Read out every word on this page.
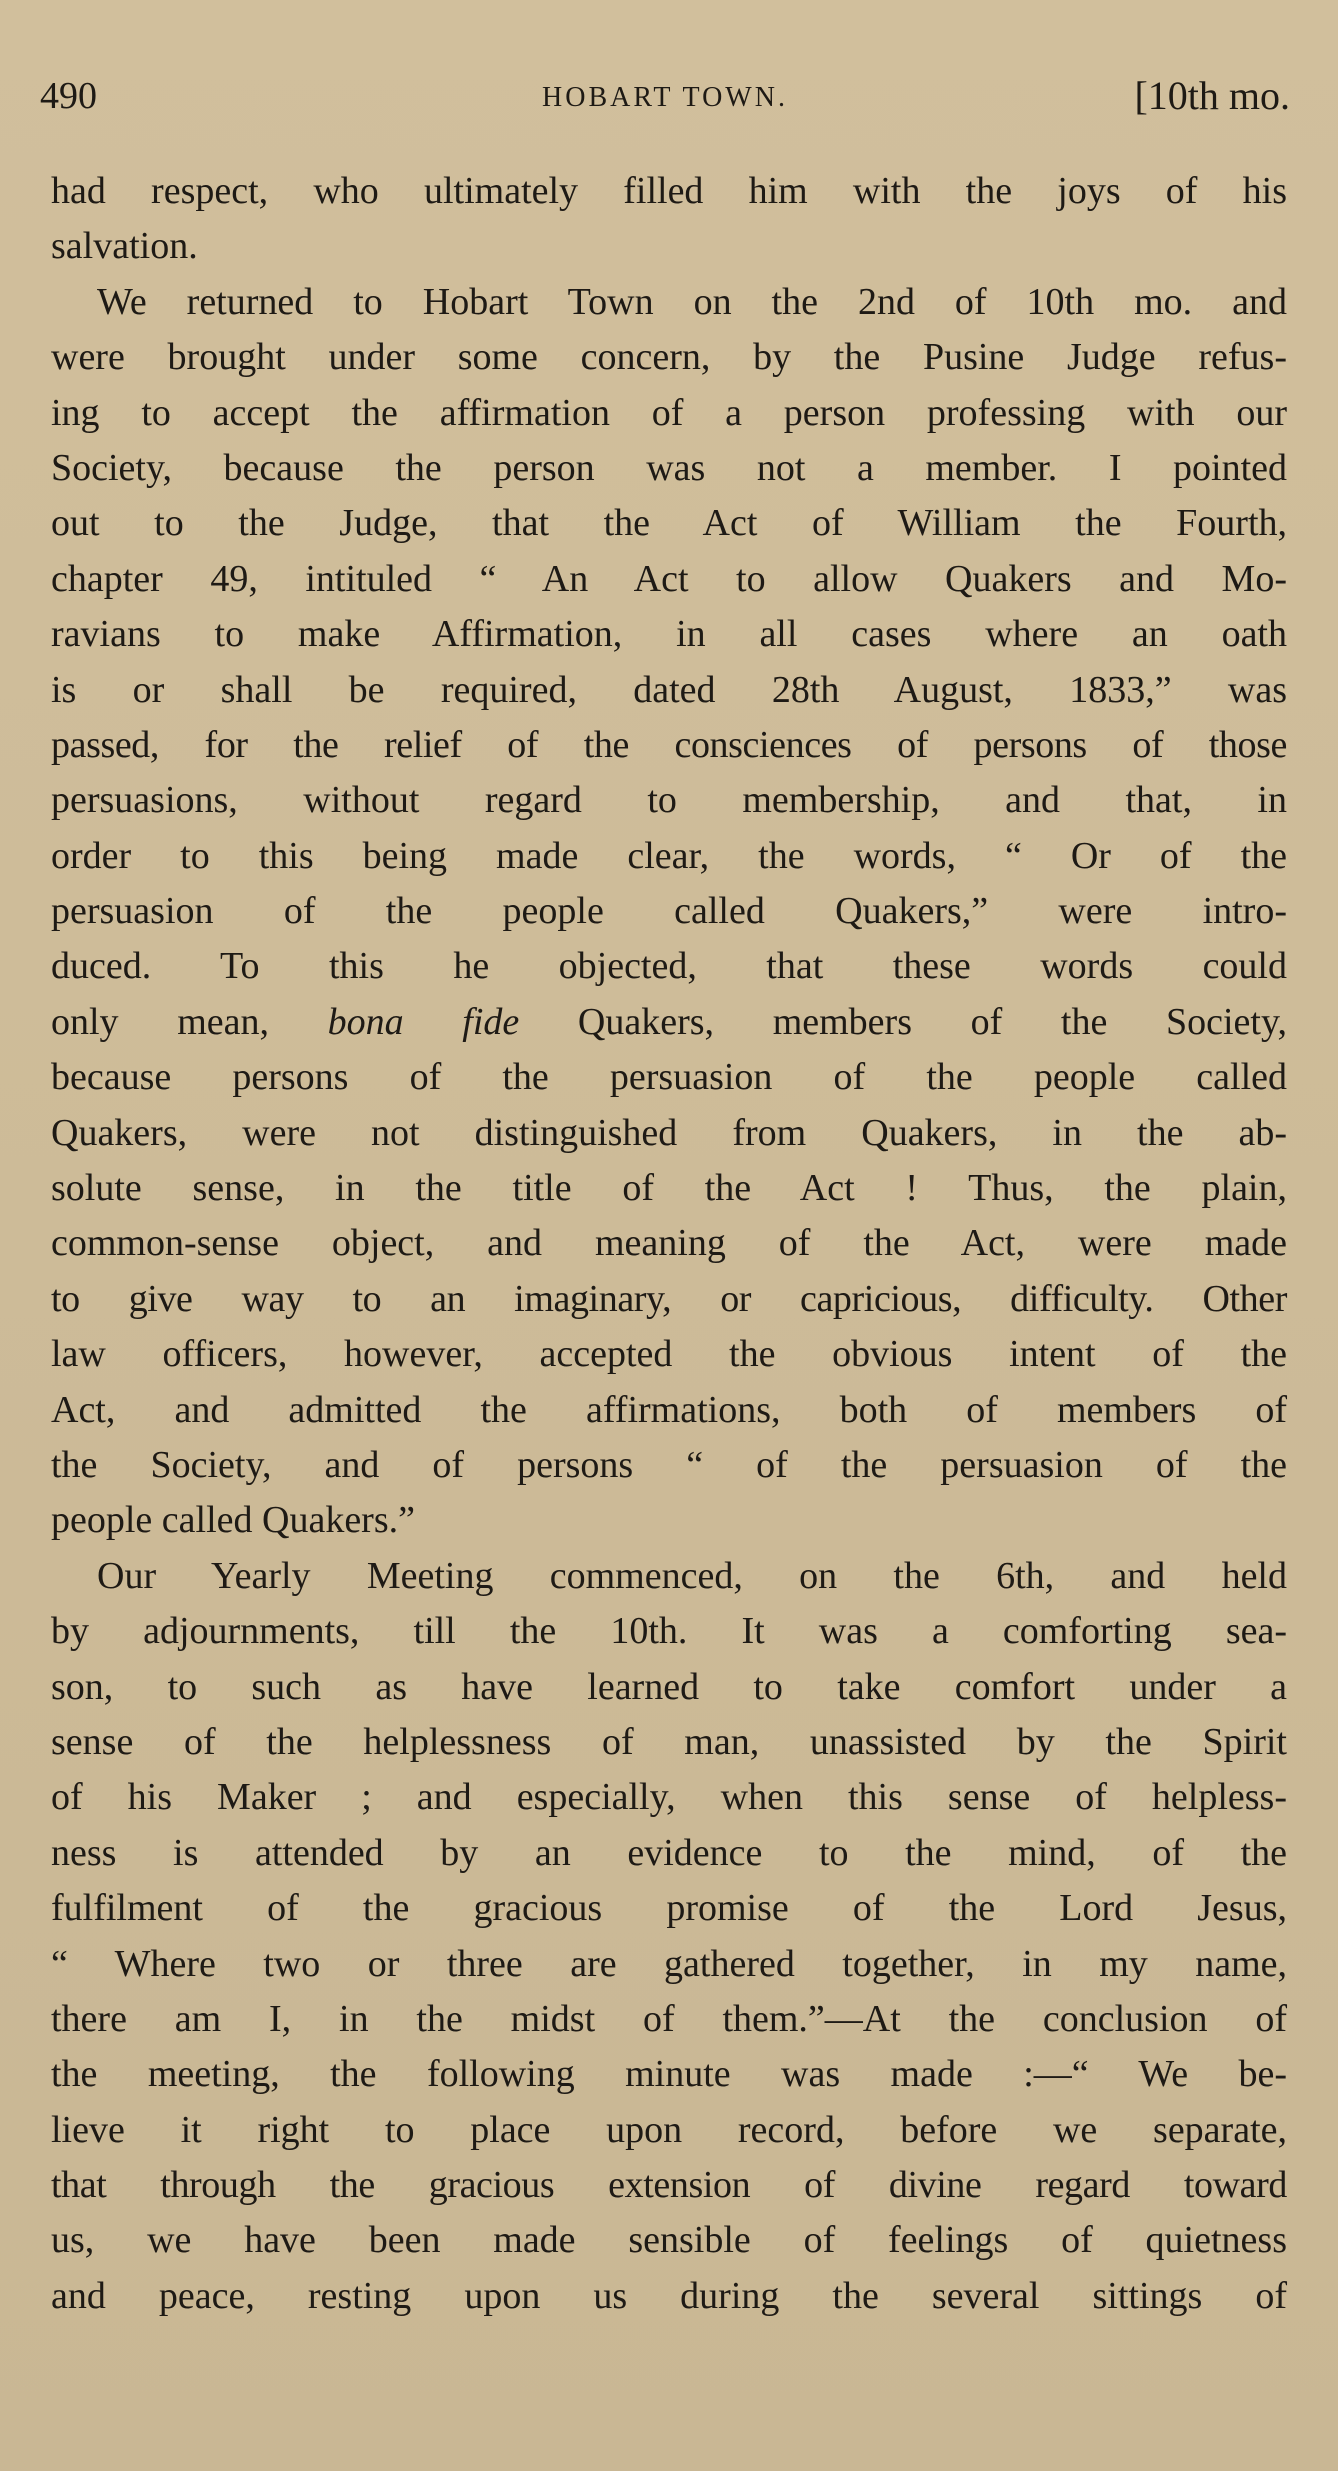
490	HOBART TOWN.	[10th mo.
had respect, who ultimately filled him with the joys of his
salvation.
We returned to Hobart Town on the 2nd of 10th mo. and
were brought under some concern, by the Pusine Judge refus-
ing to accept the affirmation of a person professing with our
Society, because the person was not a member. I pointed
out to the Judge, that the Act of William the Fourth,
chapter 49, intituled “ An Act to allow Quakers and Mo-
ravians to make Affirmation, in all cases where an oath
is or shall be required, dated 28th August, 1833,” was
passed, for the relief of the consciences of persons of those
persuasions, without regard to membership, and that, in
order to this being made clear, the words, “ Or of the
persuasion of the people called Quakers,” were intro-
duced. To this he objected, that these words could
only mean, bona fide Quakers, members of the Society,
because persons of the persuasion of the people called
Quakers, were not distinguished from Quakers, in the ab-
solute sense, in the title of the Act ! Thus, the plain,
common-sense object, and meaning of the Act, were made
to give way to an imaginary, or capricious, difficulty. Other
law officers, however, accepted the obvious intent of the
Act, and admitted the affirmations, both of members of
the Society, and of persons “ of the persuasion of the
people called Quakers.”
Our Yearly Meeting commenced, on the 6th, and held
by adjournments, till the 10th. It was a comforting sea-
son, to such as have learned to take comfort under a
sense of the helplessness of man, unassisted by the Spirit
of his Maker ; and especially, when this sense of helpless-
ness is attended by an evidence to the mind, of the
fulfilment of the gracious promise of the Lord Jesus,
“ Where two or three are gathered together, in my name,
there am I, in the midst of them.”—At the conclusion of
the meeting, the following minute was made :—“ We be-
lieve it right to place upon record, before we separate,
that through the gracious extension of divine regard toward
us, we have been made sensible of feelings of quietness
and peace, resting upon us during the several sittings of
